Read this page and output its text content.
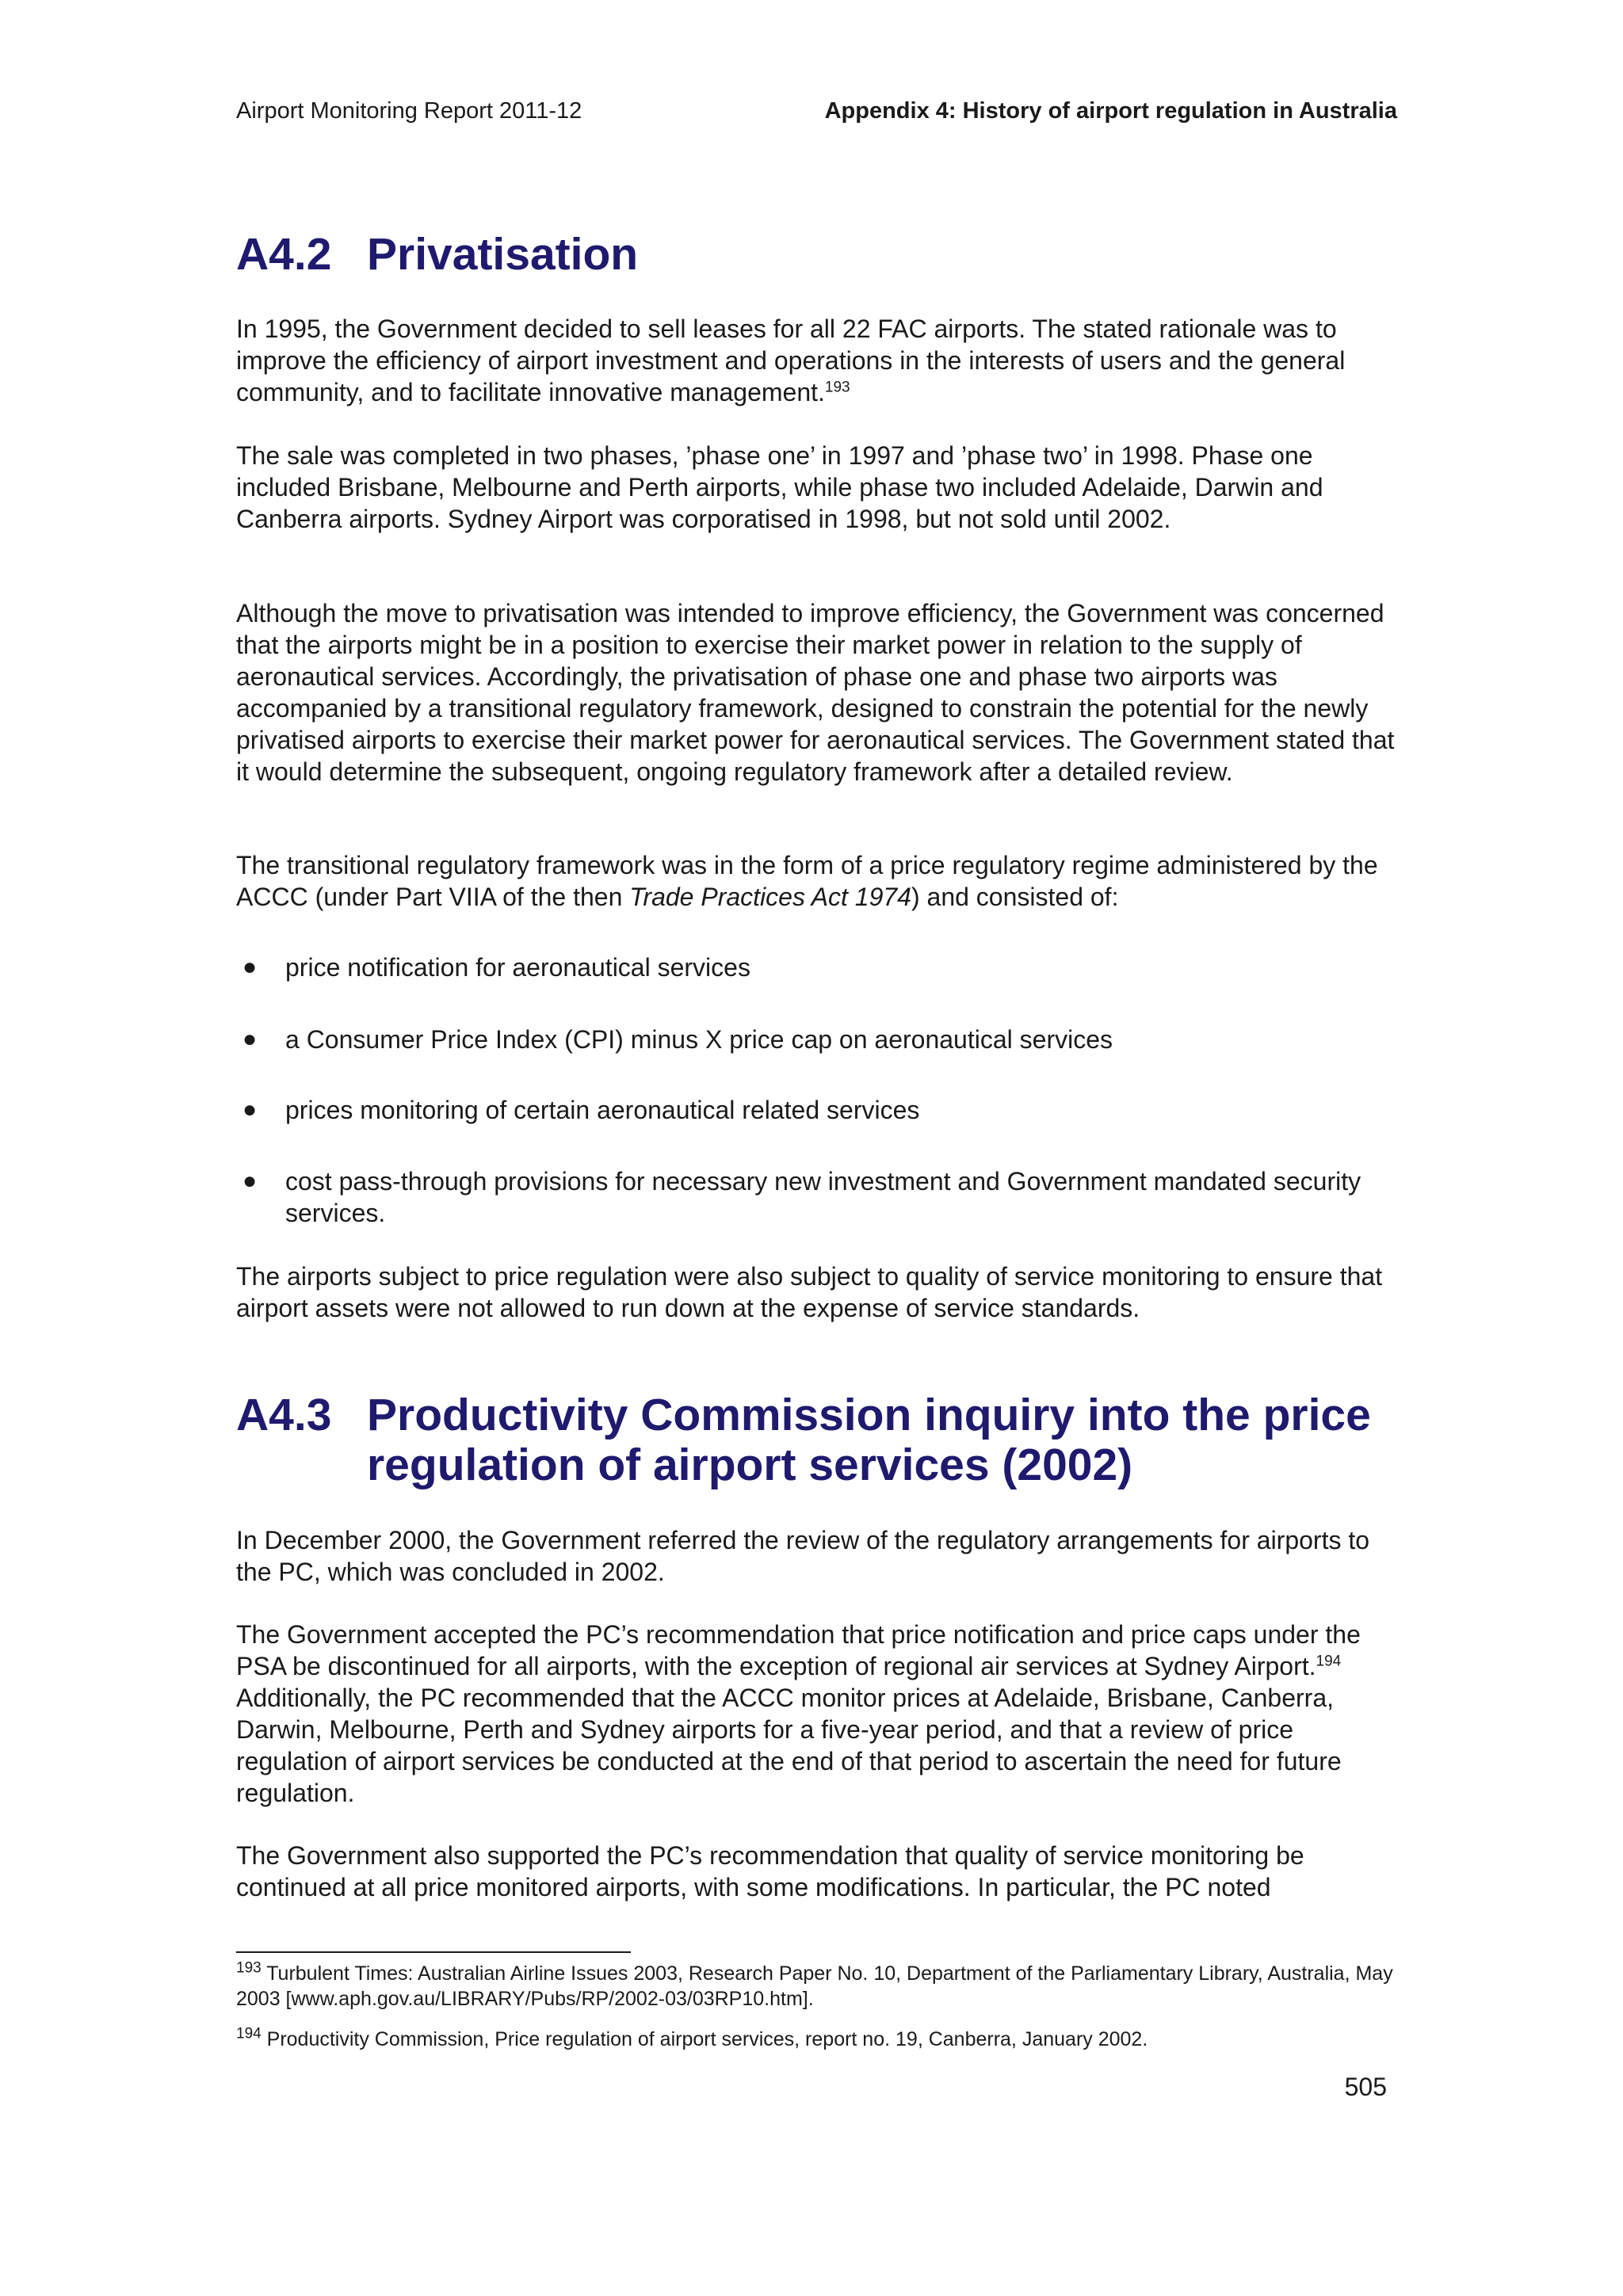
Airport Monitoring Report 2011-12	Appendix 4: History of airport regulation in Australia
A4.2 Privatisation

In 1995, the Government decided to sell leases for all 22 FAC airports. The stated rationale was to improve the efficiency of airport investment and operations in the interests of users and the general community, and to facilitate innovative management.$^{193}$

The sale was completed in two phases, ’phase one’ in 1997 and ’phase two’ in 1998. Phase one included Brisbane, Melbourne and Perth airports, while phase two included Adelaide, Darwin and Canberra airports. Sydney Airport was corporatised in 1998, but not sold until 2002.

Although the move to privatisation was intended to improve efficiency, the Government was concerned that the airports might be in a position to exercise their market power in relation to the supply of aeronautical services. Accordingly, the privatisation of phase one and phase two airports was accompanied by a transitional regulatory framework, designed to constrain the potential for the newly privatised airports to exercise their market power for aeronautical services. The Government stated that it would determine the subsequent, ongoing regulatory framework after a detailed review.

The transitional regulatory framework was in the form of a price regulatory regime administered by the ACCC (under Part VIIA of the then Trade Practices Act 1974) and consisted of:

● price notification for aeronautical services
● a Consumer Price Index (CPI) minus X price cap on aeronautical services
● prices monitoring of certain aeronautical related services
● cost pass-through provisions for necessary new investment and Government mandated security services.

The airports subject to price regulation were also subject to quality of service monitoring to ensure that airport assets were not allowed to run down at the expense of service standards.

A4.3 Productivity Commission inquiry into the price regulation of airport services (2002)

In December 2000, the Government referred the review of the regulatory arrangements for airports to the PC, which was concluded in 2002.

The Government accepted the PC’s recommendation that price notification and price caps under the PSA be discontinued for all airports, with the exception of regional air services at Sydney Airport.$^{194}$ Additionally, the PC recommended that the ACCC monitor prices at Adelaide, Brisbane, Canberra, Darwin, Melbourne, Perth and Sydney airports for a five-year period, and that a review of price regulation of airport services be conducted at the end of that period to ascertain the need for future regulation.

The Government also supported the PC’s recommendation that quality of service monitoring be continued at all price monitored airports, with some modifications. In particular, the PC noted

$^{193}$ Turbulent Times: Australian Airline Issues 2003, Research Paper No. 10, Department of the Parliamentary Library, Australia, May 2003 [www.aph.gov.au/LIBRARY/Pubs/RP/2002-03/03RP10.htm].

$^{194}$ Productivity Commission, Price regulation of airport services, report no. 19, Canberra, January 2002.

505
